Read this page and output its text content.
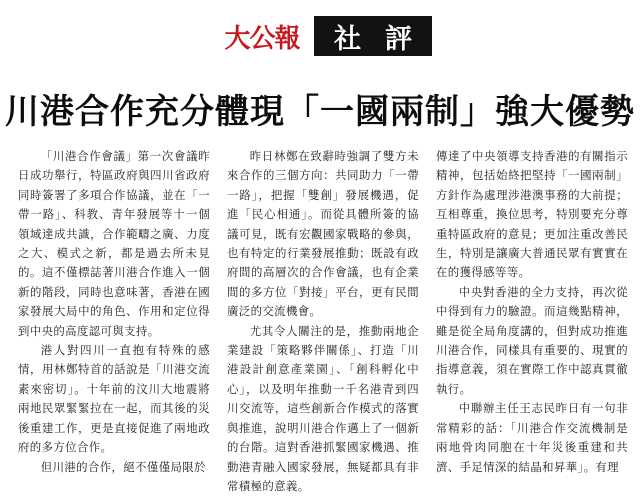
大公報	社 評
川港合作充分體現「一國兩制」強大優勢

「川港合作會議」第一次會議昨日成功舉行，特區政府與四川省政府同時簽署了多項合作協議，並在「一帶一路」、科教、青年發展等十一個領域達成共識，合作範疇之廣、力度之大、模式之新，都是過去所未見的。這不僅標誌著川港合作進入一個新的階段，同時也意味著，香港在國家發展大局中的角色、作用和定位得到中央的高度認可與支持。

港人對四川一直抱有特殊的感情，用林鄭特首的話說是「川港交流素來密切」。十年前的汶川大地震將兩地民眾緊緊拉在一起，而其後的災後重建工作，更是直接促進了兩地政府的多方位合作。

但川港的合作，絕不僅僅局限於

昨日林鄭在致辭時強調了雙方未來合作的三個方向：共同助力「一帶一路」，把握「雙創」發展機遇，促進「民心相通」。而從具體所簽的協議可見，既有宏觀國家戰略的參與，也有特定的行業發展推動；既設有政府間的高層次的合作會議，也有企業間的多方位「對接」平台，更有民間廣泛的交流機會。

尤其令人關注的是，推動兩地企業建設「策略夥伴關係」、打造「川港設計創意產業園」、「創科孵化中心」，以及明年推動一千名港青到四川交流等，這些創新合作模式的落實與推進，說明川港合作邁上了一個新的台階。這對香港抓緊國家機遇、推動港青融入國家發展，無疑都具有非常積極的意義。

傳達了中央領導支持香港的有關指示精神，包括始終把堅持「一國兩制」方針作為處理涉港澳事務的大前提；互相尊重，換位思考，特別要充分尊重特區政府的意見；更加注重改善民生，特別是讓廣大普通民眾有實實在在的獲得感等等。

中央對香港的全力支持，再次從中得到有力的驗證。而這幾點精神，雖是從全局角度講的，但對成功推進川港合作，同樣具有重要的、現實的指導意義，須在實際工作中認真貫徹執行。

中聯辦主任王志民昨日有一句非常精彩的話：「川港合作交流機制是兩地骨肉同胞在十年災後重建和共濟、手足情深的結晶和昇華」。有理
